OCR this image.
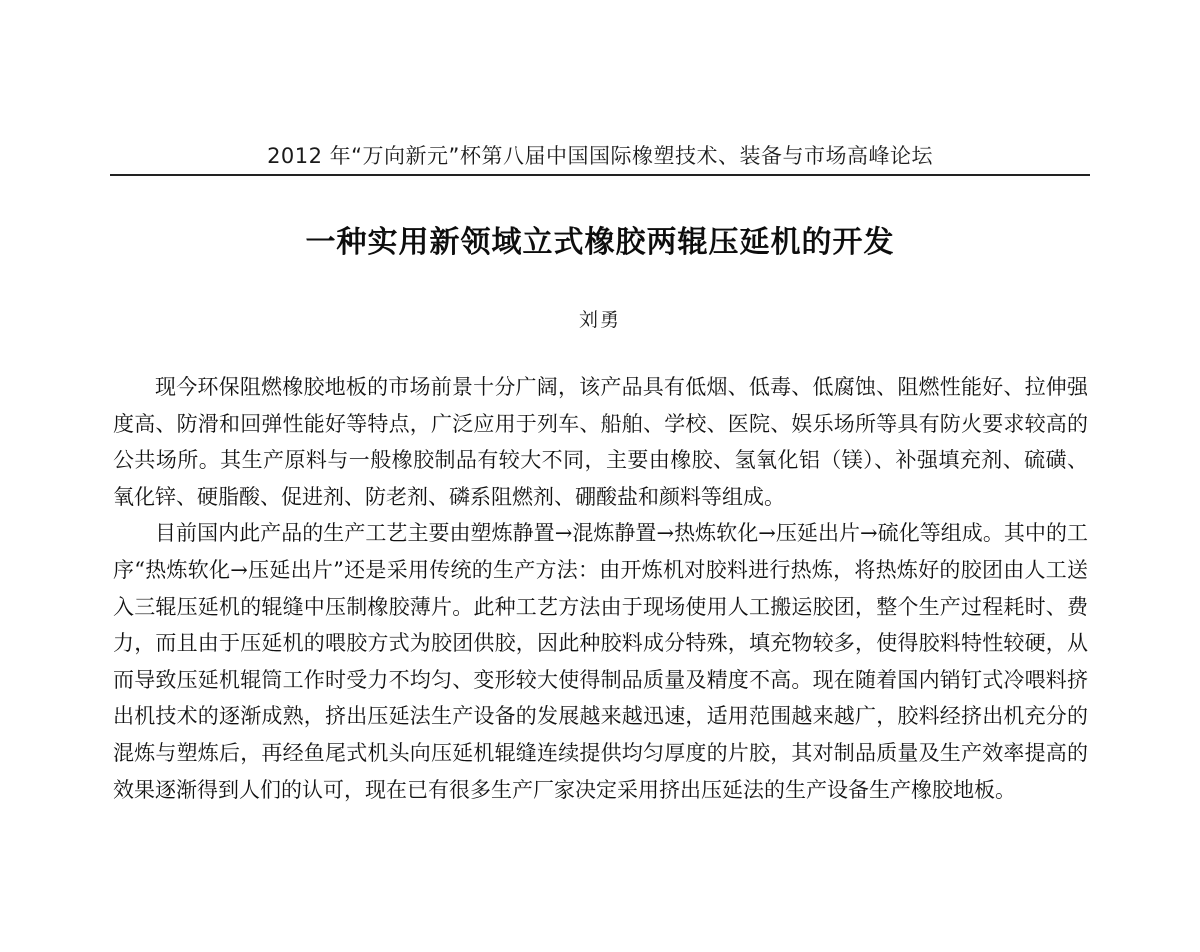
2012 年“万向新元”杯第八届中国国际橡塑技术、装备与市场高峰论坛
一种实用新领域立式橡胶两辊压延机的开发
刘勇

现今环保阻燃橡胶地板的市场前景十分广阔，该产品具有低烟、低毒、低腐蚀、阻燃性能好、拉伸强度高、防滑和回弹性能好等特点，广泛应用于列车、船舶、学校、医院、娱乐场所等具有防火要求较高的公共场所。其生产原料与一般橡胶制品有较大不同，主要由橡胶、氢氧化铝（镁）、补强填充剂、硫磺、氧化锌、硬脂酸、促进剂、防老剂、磷系阻燃剂、硼酸盐和颜料等组成。

目前国内此产品的生产工艺主要由塑炼静置→混炼静置→热炼软化→压延出片→硫化等组成。其中的工序“热炼软化→压延出片”还是采用传统的生产方法：由开炼机对胶料进行热炼，将热炼好的胶团由人工送入三辊压延机的辊缝中压制橡胶薄片。此种工艺方法由于现场使用人工搬运胶团，整个生产过程耗时、费力，而且由于压延机的喂胶方式为胶团供胶，因此种胶料成分特殊，填充物较多，使得胶料特性较硬，从而导致压延机辊筒工作时受力不均匀、变形较大使得制品质量及精度不高。现在随着国内销钉式冷喂料挤出机技术的逐渐成熟，挤出压延法生产设备的发展越来越迅速，适用范围越来越广，胶料经挤出机充分的混炼与塑炼后，再经鱼尾式机头向压延机辊缝连续提供均匀厚度的片胶，其对制品质量及生产效率提高的效果逐渐得到人们的认可，现在已有很多生产厂家决定采用挤出压延法的生产设备生产橡胶地板。
